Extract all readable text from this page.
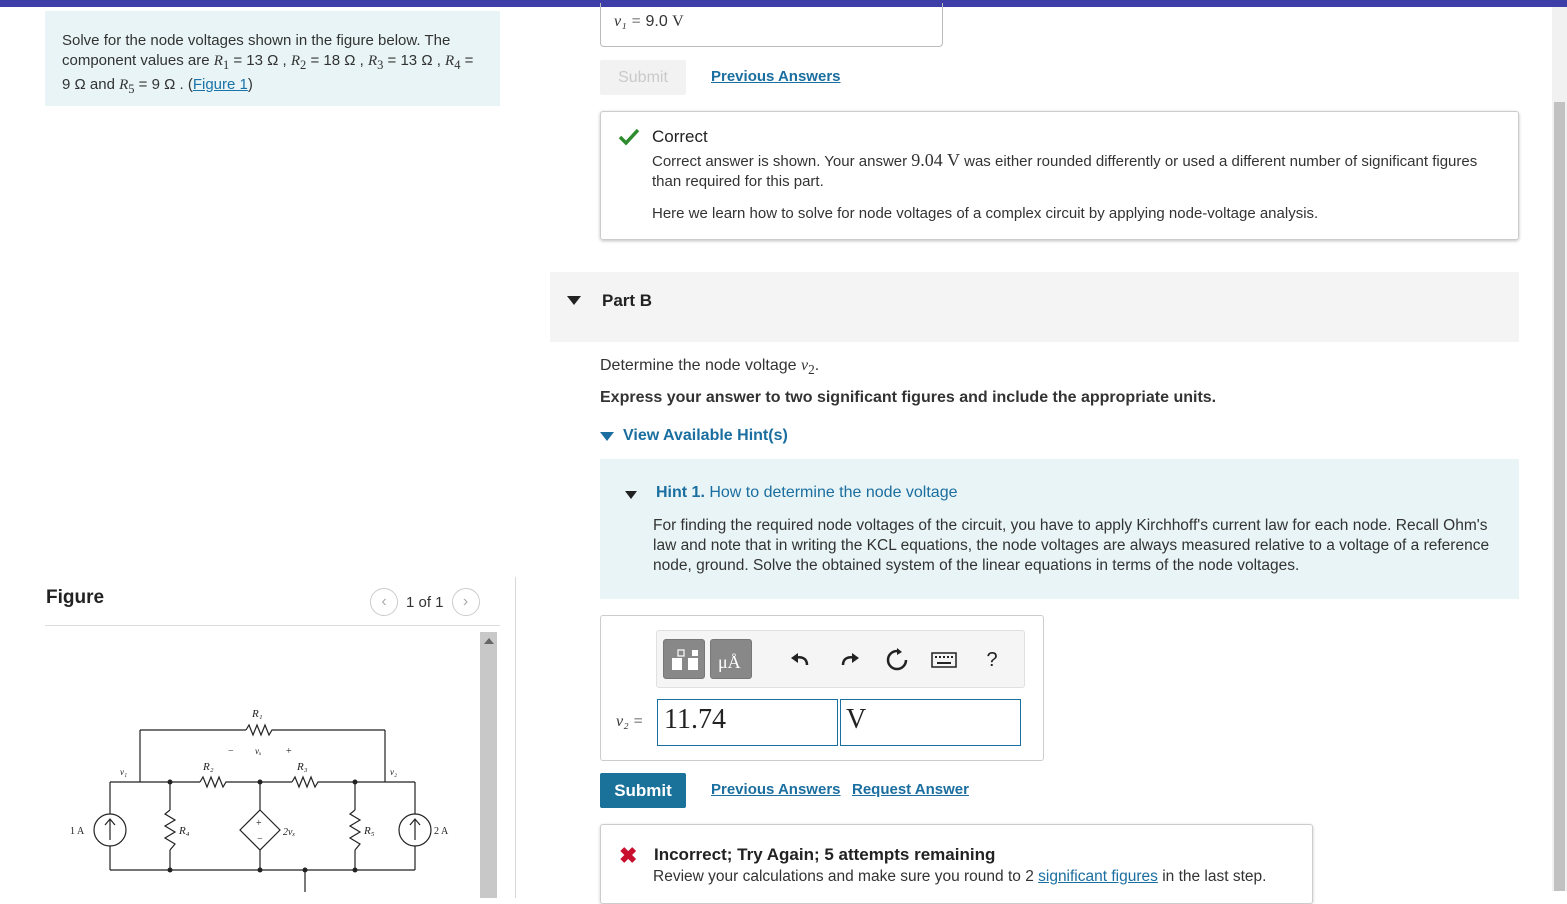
Solve for the node voltages shown in the figure below. The component values are $R_1 = 13$ Ω , $R_2 = 18$ Ω , $R_3 = 13$ Ω , $R_4 = 9$ Ω and $R_5 = 9$ Ω . (Figure 1)
Figure	‹	1 of 1	›
+
−
R₁
R₂	R₃
R₄	R₅
v₁	v₂
vₓ
2vₓ
−	+
1 A	2 A
v₁ = 9.0 V
Submit	Previous Answers
Correct

Correct answer is shown. Your answer 9.04 V was either rounded differently or used a different number of significant figures than required for this part.

Here we learn how to solve for node voltages of a complex circuit by applying node-voltage analysis.

Part B
Determine the node voltage $v_2$.
Express your answer to two significant figures and include the appropriate units.
View Available Hint(s)
Hint 1. How to determine the node voltage
For finding the required node voltages of the circuit, you have to apply Kirchhoff's current law for each node. Recall Ohm's law and note that in writing the KCL equations, the node voltages are always measured relative to a voltage of a reference node, ground. Solve the obtained system of the linear equations in terms of the node voltages.
μÅ	?
v₂ = 11.74	V
Submit	Previous Answers Request Answer
✖ Incorrect; Try Again; 5 attempts remaining
Review your calculations and make sure you round to 2 significant figures in the last step.
